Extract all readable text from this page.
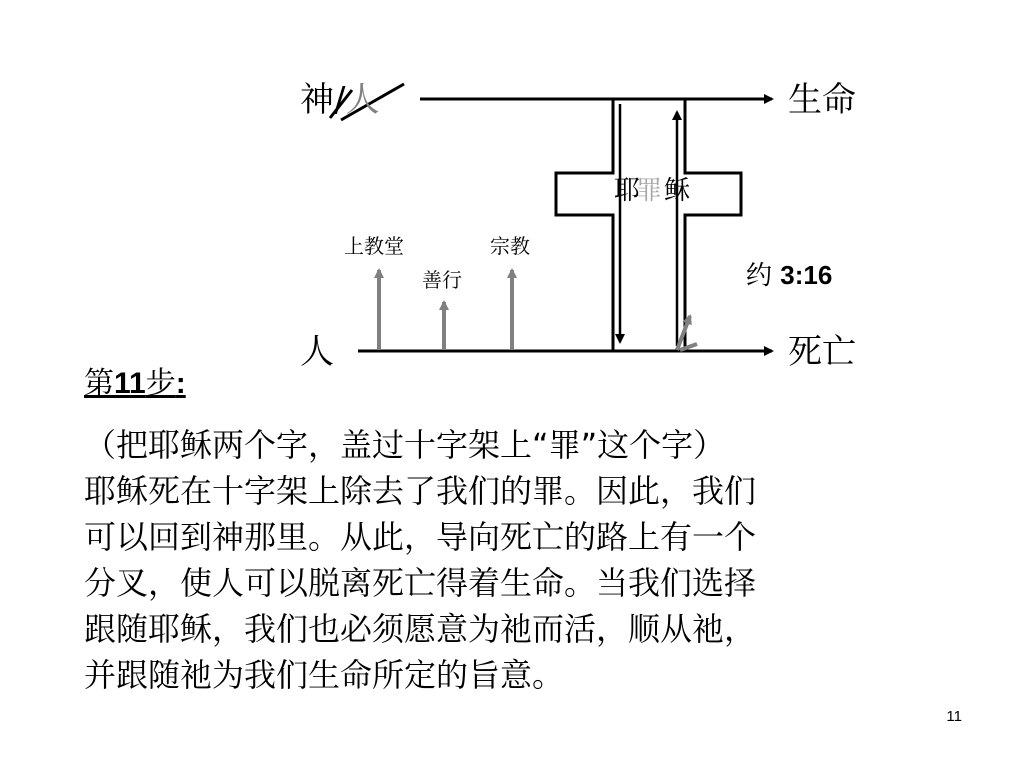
神/人	生命
人	死亡
耶
罪 稣
上教堂
善行
宗教
约 3:16
第11步:
（把耶稣两个字，盖过十字架上“罪”这个字）
耶稣死在十字架上除去了我们的罪。因此，我们
可以回到神那里。从此，导向死亡的路上有一个
分叉，使人可以脱离死亡得着生命。当我们选择
跟随耶稣，我们也必须愿意为祂而活，顺从祂，
并跟随祂为我们生命所定的旨意。
11
